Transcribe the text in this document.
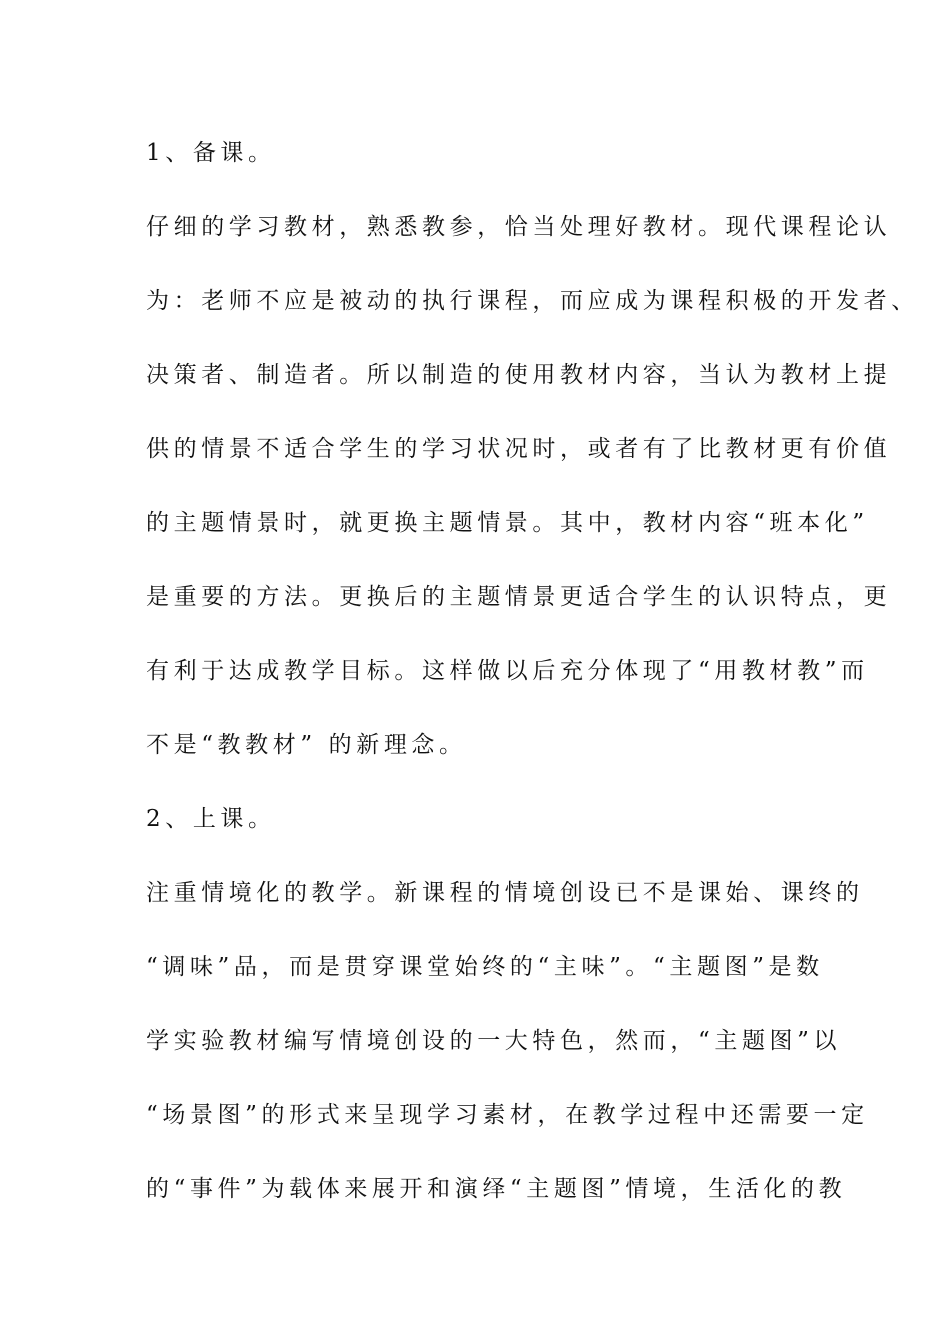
1、备课。
仔细的学习教材，熟悉教参，恰当处理好教材。现代课程论认
为：老师不应是被动的执行课程，而应成为课程积极的开发者、
决策者、制造者。所以制造的使用教材内容，当认为教材上提
供的情景不适合学生的学习状况时，或者有了比教材更有价值
的主题情景时，就更换主题情景。其中，教材内容“班本化”
是重要的方法。更换后的主题情景更适合学生的认识特点，更
有利于达成教学目标。这样做以后充分体现了“用教材教”而
不是“教教材” 的新理念。
2、上课。
注重情境化的教学。新课程的情境创设已不是课始、课终的
“调味”品，而是贯穿课堂始终的“主味”。“主题图”是数
学实验教材编写情境创设的一大特色，然而，“主题图”以
“场景图”的形式来呈现学习素材，在教学过程中还需要一定
的“事件”为载体来展开和演绎“主题图”情境，生活化的教
